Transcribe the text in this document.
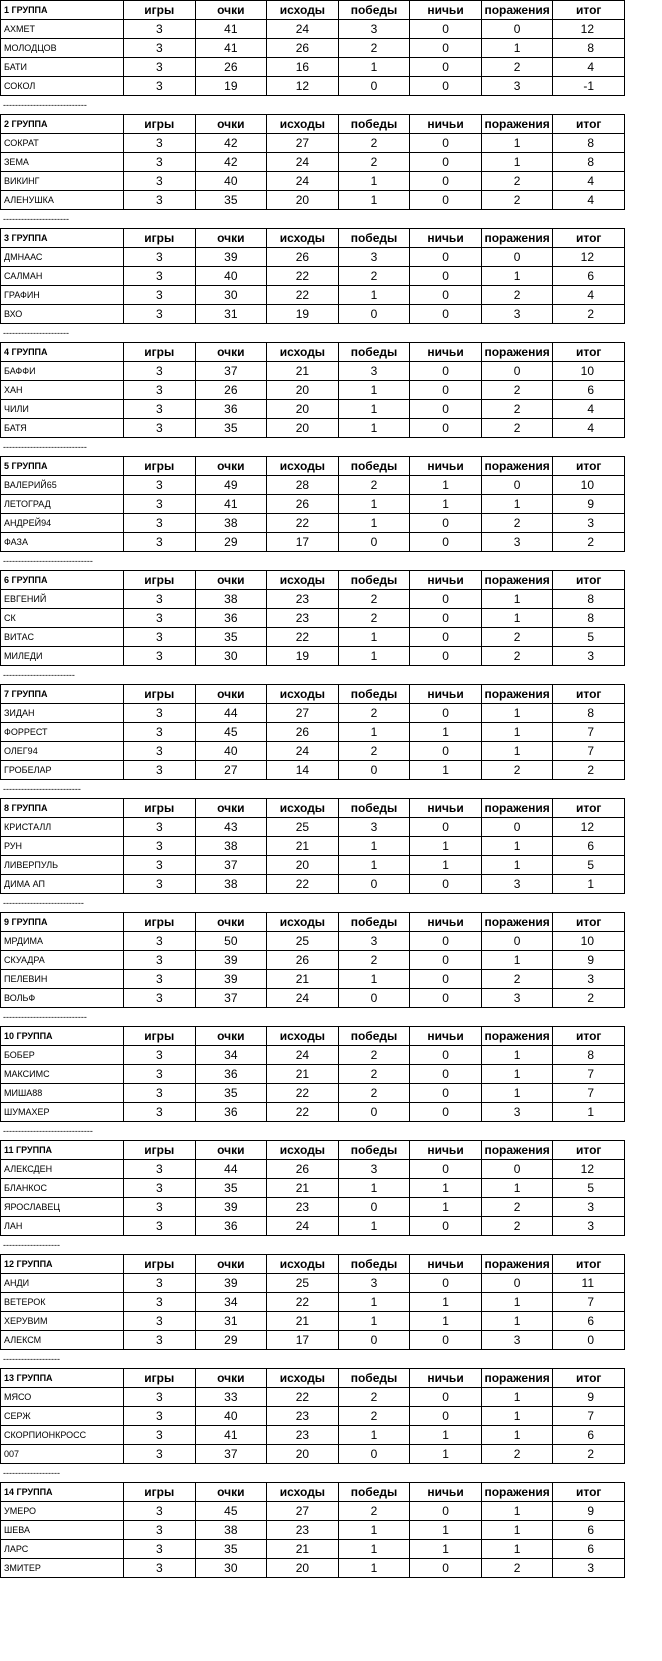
1 ГРУППА	игры	очки	исходы	победы	ничьи	поражения	итог
АХМЕТ	3	41	24	3	0	0	12
МОЛОДЦОВ	3	41	26	2	0	1	8
БАТИ	3	26	16	1	0	2	4
СОКОЛ	3	19	12	0	0	3	-1
----------------------------
2 ГРУППА	игры	очки	исходы	победы	ничьи	поражения	итог
СОКРАТ	3	42	27	2	0	1	8
ЗЕМА	3	42	24	2	0	1	8
ВИКИНГ	3	40	24	1	0	2	4
АЛЕНУШКА	3	35	20	1	0	2	4
----------------------
3 ГРУППА	игры	очки	исходы	победы	ничьи	поражения	итог
ДМНААС	3	39	26	3	0	0	12
САЛМАН	3	40	22	2	0	1	6
ГРАФИН	3	30	22	1	0	2	4
ВХО	3	31	19	0	0	3	2
----------------------
4 ГРУППА	игры	очки	исходы	победы	ничьи	поражения	итог
БАФФИ	3	37	21	3	0	0	10
ХАН	3	26	20	1	0	2	6
ЧИЛИ	3	36	20	1	0	2	4
БАТЯ	3	35	20	1	0	2	4
----------------------------
5 ГРУППА	игры	очки	исходы	победы	ничьи	поражения	итог
ВАЛЕРИЙ65	3	49	28	2	1	0	10
ЛЕТОГРАД	3	41	26	1	1	1	9
АНДРЕЙ94	3	38	22	1	0	2	3
ФАЗА	3	29	17	0	0	3	2
------------------------------
6 ГРУППА	игры	очки	исходы	победы	ничьи	поражения	итог
ЕВГЕНИЙ	3	38	23	2	0	1	8
СК	3	36	23	2	0	1	8
ВИТАС	3	35	22	1	0	2	5
МИЛЕДИ	3	30	19	1	0	2	3
------------------------
7 ГРУППА	игры	очки	исходы	победы	ничьи	поражения	итог
ЗИДАН	3	44	27	2	0	1	8
ФОРРЕСТ	3	45	26	1	1	1	7
ОЛЕГ94	3	40	24	2	0	1	7
ГРОБЕЛАР	3	27	14	0	1	2	2
--------------------------
8 ГРУППА	игры	очки	исходы	победы	ничьи	поражения	итог
КРИСТАЛЛ	3	43	25	3	0	0	12
РУН	3	38	21	1	1	1	6
ЛИВЕРПУЛЬ	3	37	20	1	1	1	5
ДИМА АП	3	38	22	0	0	3	1
---------------------------
9 ГРУППА	игры	очки	исходы	победы	ничьи	поражения	итог
МРДИМА	3	50	25	3	0	0	10
СКУАДРА	3	39	26	2	0	1	9
ПЕЛЕВИН	3	39	21	1	0	2	3
ВОЛЬФ	3	37	24	0	0	3	2
----------------------------
10 ГРУППА	игры	очки	исходы	победы	ничьи	поражения	итог
БОБЕР	3	34	24	2	0	1	8
МАКСИМС	3	36	21	2	0	1	7
МИША88	3	35	22	2	0	1	7
ШУМАХЕР	3	36	22	0	0	3	1
------------------------------
11 ГРУППА	игры	очки	исходы	победы	ничьи	поражения	итог
АЛЕКСДЕН	3	44	26	3	0	0	12
БЛАНКОС	3	35	21	1	1	1	5
ЯРОСЛАВЕЦ	3	39	23	0	1	2	3
ЛАН	3	36	24	1	0	2	3
-------------------
12 ГРУППА	игры	очки	исходы	победы	ничьи	поражения	итог
АНДИ	3	39	25	3	0	0	11
ВЕТЕРОК	3	34	22	1	1	1	7
ХЕРУВИМ	3	31	21	1	1	1	6
АЛЕКСМ	3	29	17	0	0	3	0
-------------------
13 ГРУППА	игры	очки	исходы	победы	ничьи	поражения	итог
МЯСО	3	33	22	2	0	1	9
СЕРЖ	3	40	23	2	0	1	7
СКОРПИОНКРОСС	3	41	23	1	1	1	6
007	3	37	20	0	1	2	2
-------------------
14 ГРУППА	игры	очки	исходы	победы	ничьи	поражения	итог
УМЕРО	3	45	27	2	0	1	9
ШЕВА	3	38	23	1	1	1	6
ЛАРС	3	35	21	1	1	1	6
ЗМИТЕР	3	30	20	1	0	2	3
